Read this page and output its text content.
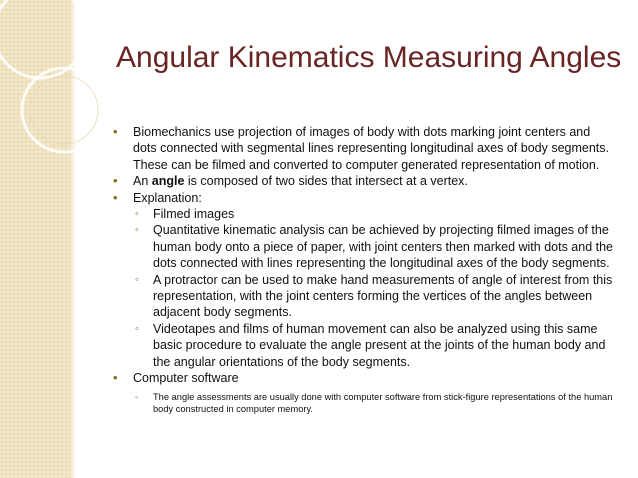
Angular Kinematics Measuring Angles

• Biomechanics use projection of images of body with dots marking joint centers and dots connected with segmental lines representing longitudinal axes of body segments. These can be filmed and converted to computer generated representation of motion.

• An angle is composed of two sides that intersect at a vertex.

• Explanation:

◦ Filmed images

◦ Quantitative kinematic analysis can be achieved by projecting filmed images of the human body onto a piece of paper, with joint centers then marked with dots and the dots connected with lines representing the longitudinal axes of the body segments.

◦ A protractor can be used to make hand measurements of angle of interest from this representation, with the joint centers forming the vertices of the angles between adjacent body segments.

◦ Videotapes and films of human movement can also be analyzed using this same basic procedure to evaluate the angle present at the joints of the human body and the angular orientations of the body segments.

• Computer software

◦ The angle assessments are usually done with computer software from stick-figure representations of the human body constructed in computer memory.
